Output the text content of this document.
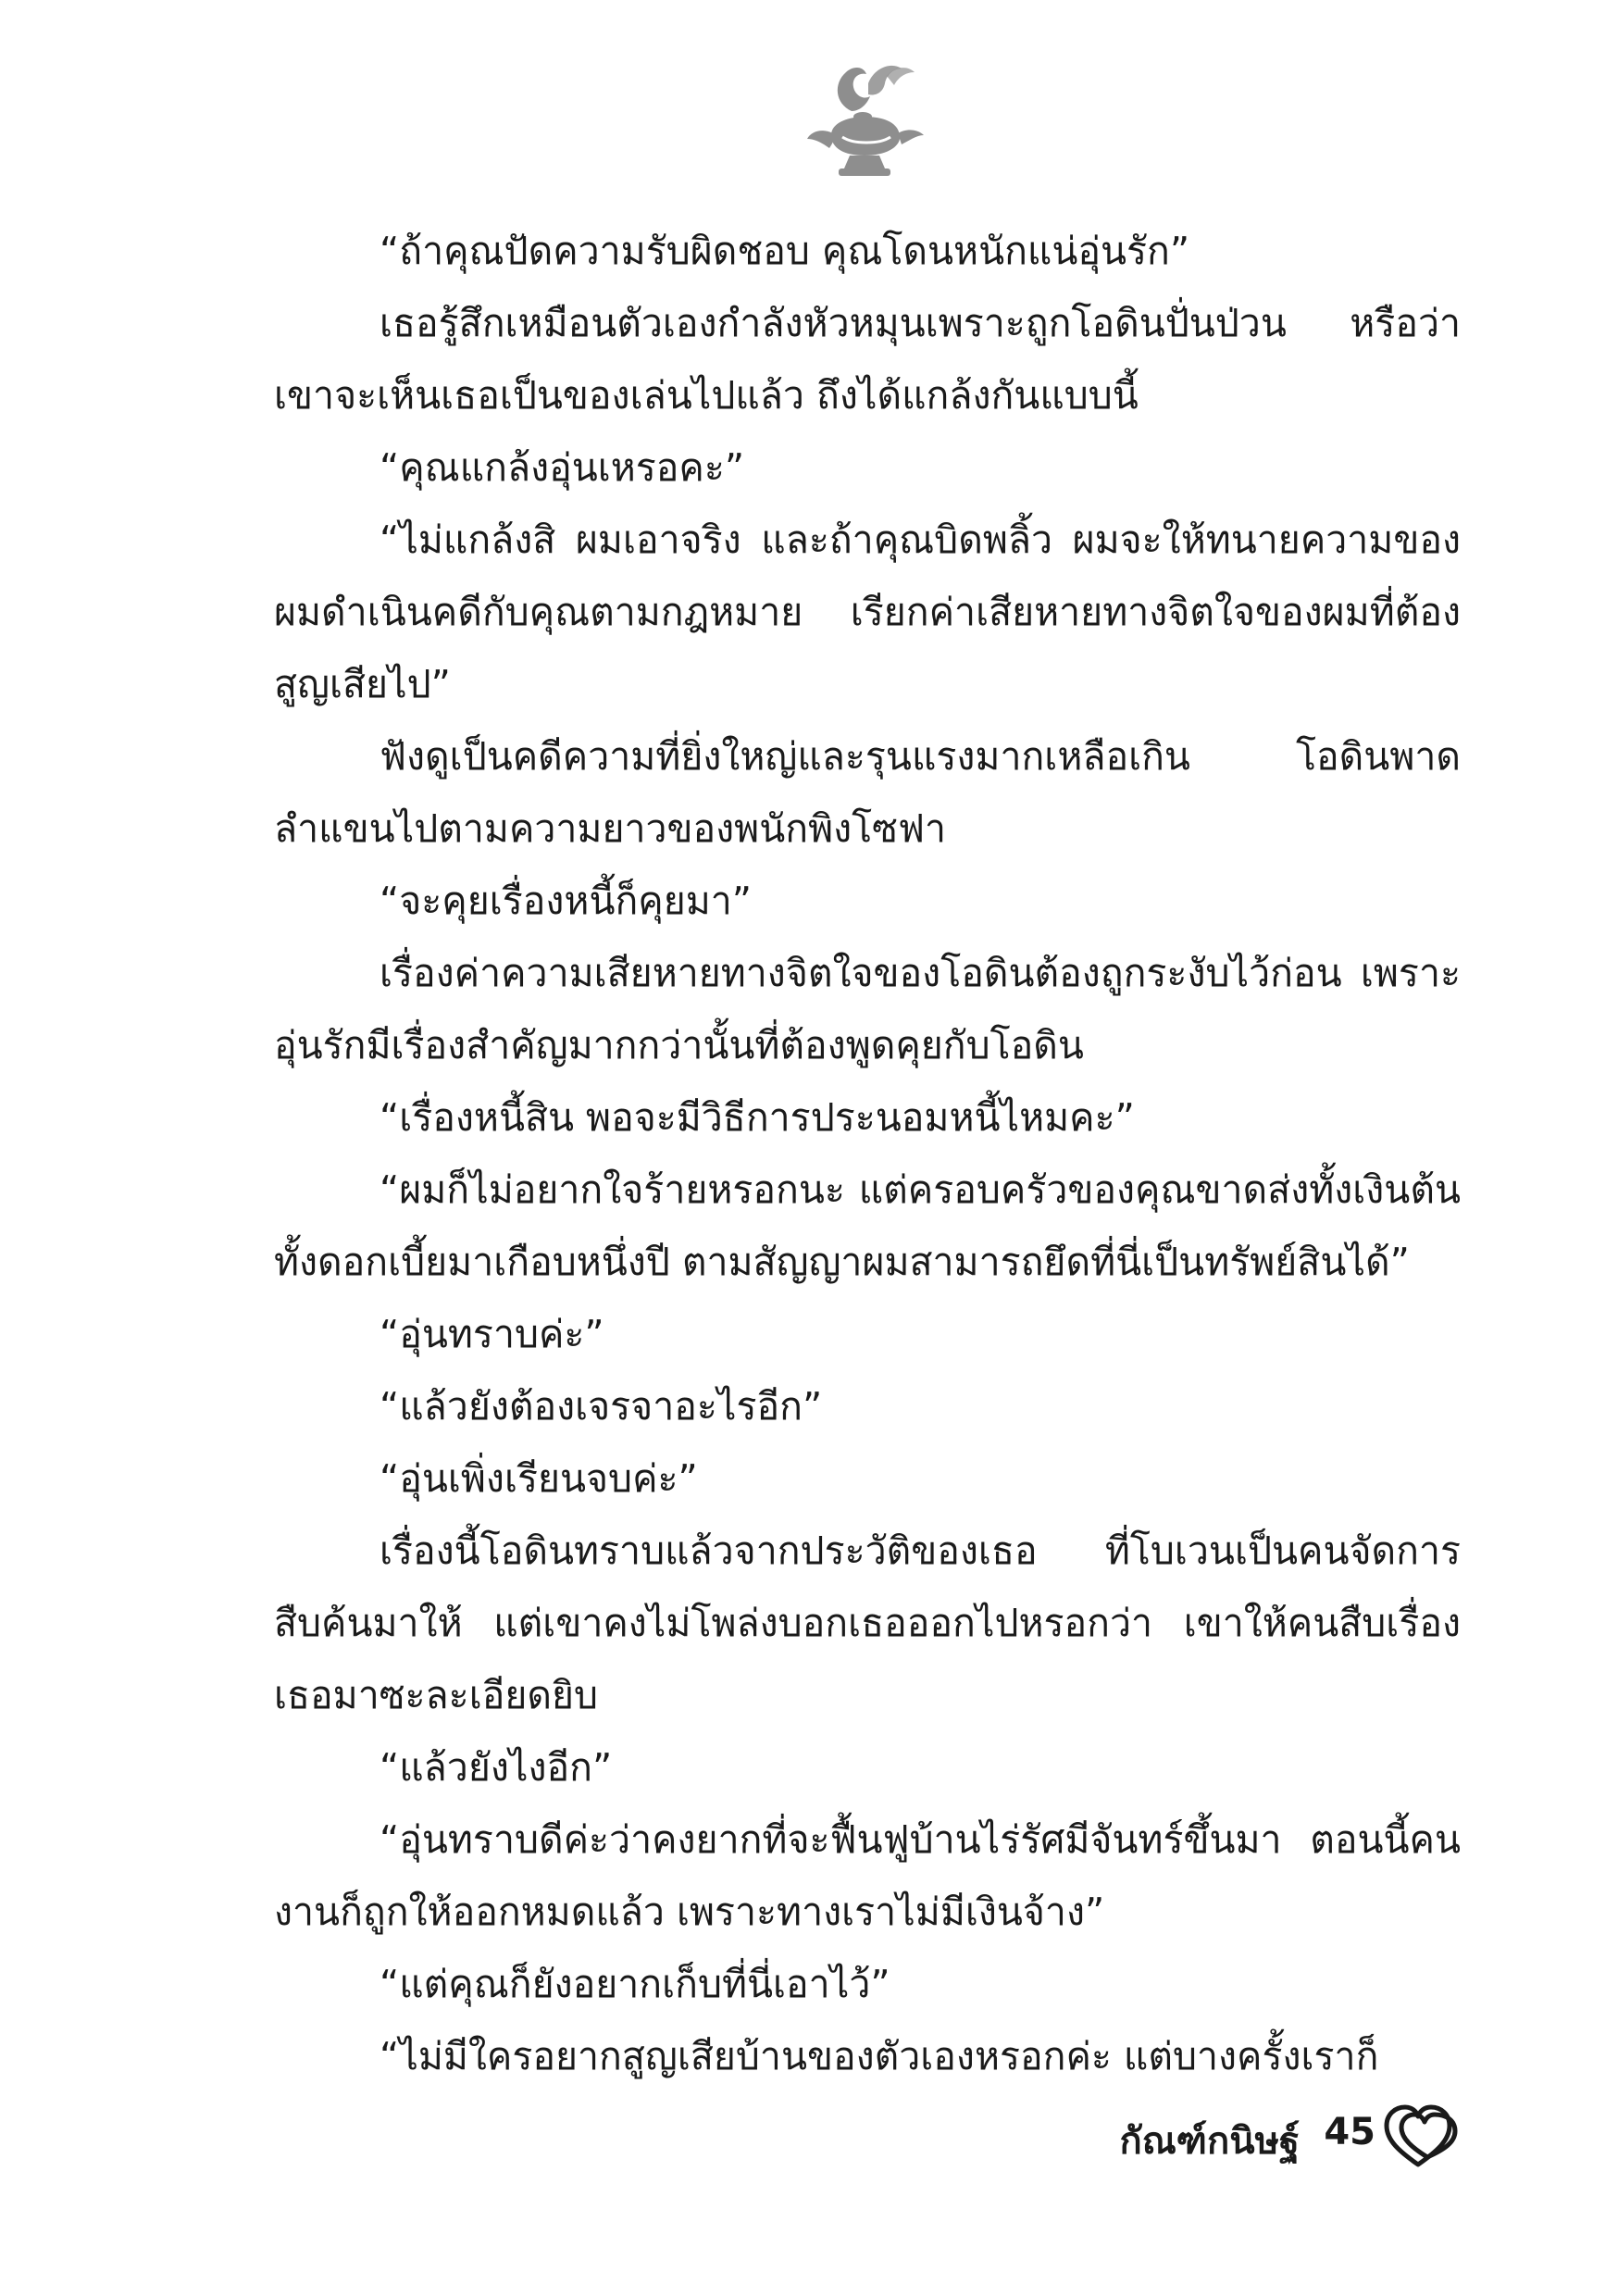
“ถ้าคุณปัดความรับผิดชอบ คุณโดนหนักแน่อุ่นรัก”

เธอรู้สึกเหมือนตัวเองกำลังหัวหมุนเพราะถูกโอดินปั่นป่วน หรือว่าเขาจะเห็นเธอเป็นของเล่นไปแล้ว ถึงได้แกล้งกันแบบนี้

“คุณแกล้งอุ่นเหรอคะ”

“ไม่แกล้งสิ ผมเอาจริง และถ้าคุณบิดพลิ้ว ผมจะให้ทนายความของผมดำเนินคดีกับคุณตามกฎหมาย เรียกค่าเสียหายทางจิตใจของผมที่ต้องสูญเสียไป”

ฟังดูเป็นคดีความที่ยิ่งใหญ่และรุนแรงมากเหลือเกิน โอดินพาดลำแขนไปตามความยาวของพนักพิงโซฟา

“จะคุยเรื่องหนี้ก็คุยมา”

เรื่องค่าความเสียหายทางจิตใจของโอดินต้องถูกระงับไว้ก่อน เพราะอุ่นรักมีเรื่องสำคัญมากกว่านั้นที่ต้องพูดคุยกับโอดิน

“เรื่องหนี้สิน พอจะมีวิธีการประนอมหนี้ไหมคะ”

“ผมก็ไม่อยากใจร้ายหรอกนะ แต่ครอบครัวของคุณขาดส่งทั้งเงินต้นทั้งดอกเบี้ยมาเกือบหนึ่งปี ตามสัญญาผมสามารถยึดที่นี่เป็นทรัพย์สินได้”

“อุ่นทราบค่ะ”

“แล้วยังต้องเจรจาอะไรอีก”

“อุ่นเพิ่งเรียนจบค่ะ”

เรื่องนี้โอดินทราบแล้วจากประวัติของเธอ ที่โบเวนเป็นคนจัดการสืบค้นมาให้ แต่เขาคงไม่โพล่งบอกเธอออกไปหรอกว่า เขาให้คนสืบเรื่องเธอมาซะละเอียดยิบ

“แล้วยังไงอีก”

“อุ่นทราบดีค่ะว่าคงยากที่จะฟื้นฟูบ้านไร่รัศมีจันทร์ขึ้นมา ตอนนี้คนงานก็ถูกให้ออกหมดแล้ว เพราะทางเราไม่มีเงินจ้าง”

“แต่คุณก็ยังอยากเก็บที่นี่เอาไว้”

“ไม่มีใครอยากสูญเสียบ้านของตัวเองหรอกค่ะ แต่บางครั้งเราก็

กัณฑ์กนิษฐ์ 45
